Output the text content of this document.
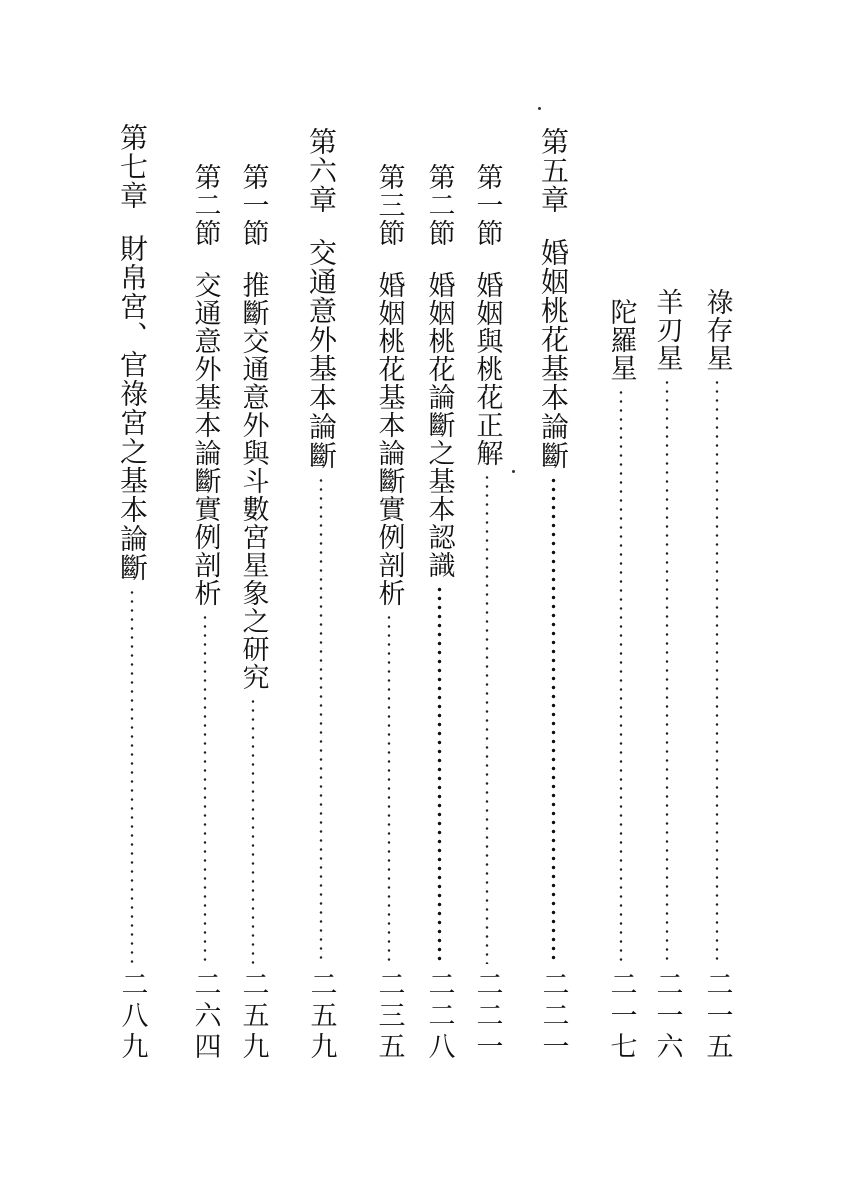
祿存星
二一五
羊刃星
二一六
陀羅星
二一七
第五章
婚姻桃花基本論斷
二二一
第一節
婚姻與桃花正解
二二一
第二節
婚姻桃花論斷之基本認識
二二八
第三節
婚姻桃花基本論斷實例剖析
二三五
第六章
交通意外基本論斷
二五九
第一節
推斷交通意外與斗數宮星象之研究
二五九
第二節
交通意外基本論斷實例剖析
二六四
第七章
財帛宮、官祿宮之基本論斷
二八九
